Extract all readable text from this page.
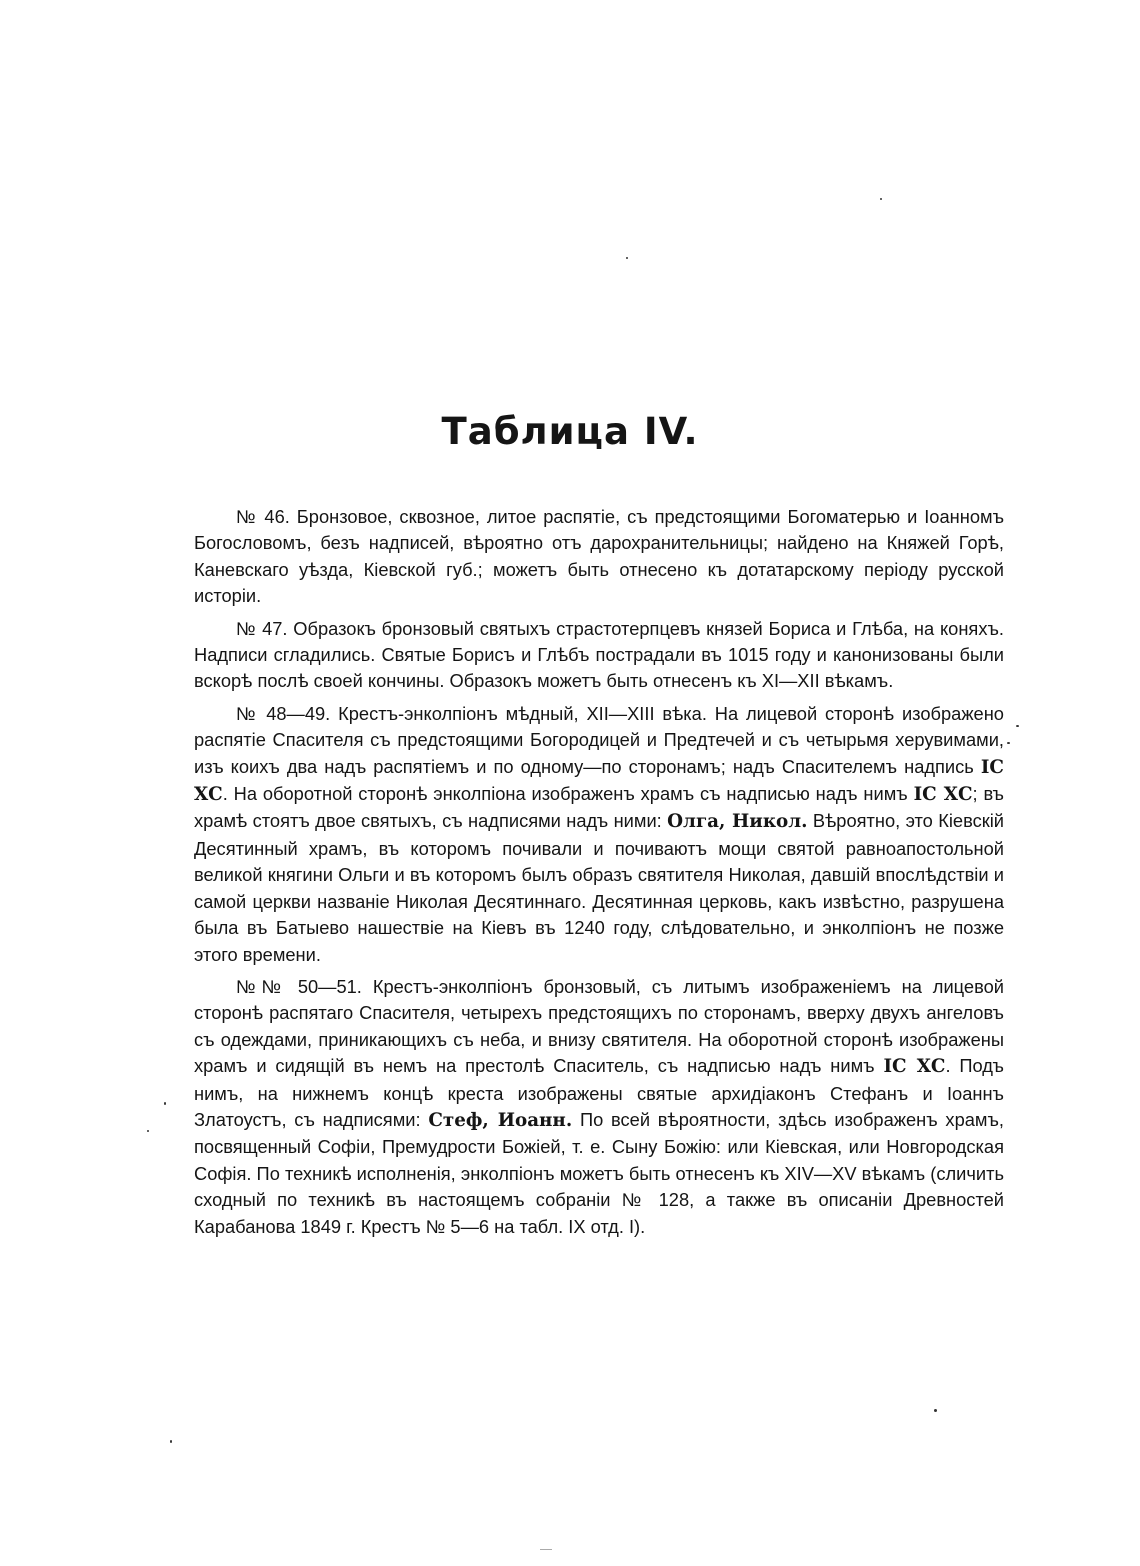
Таблица IV.

№ 46. Бронзовое, сквозное, литое распятіе, съ предстоящими Богоматерью и Іоанномъ Богословомъ, безъ надписей, вѣроятно отъ дарохранительницы; найдено на Княжей Горѣ, Каневскаго уѣзда, Кіевской губ.; можетъ быть отнесено къ дотатарскому періоду русской исторіи.

№ 47. Образокъ бронзовый святыхъ страстотерпцевъ князей Бориса и Глѣба, на коняхъ. Надписи сгладились. Святые Борисъ и Глѣбъ пострадали въ 1015 году и канонизованы были вскорѣ послѣ своей кончины. Образокъ можетъ быть отнесенъ къ XI—XII вѣкамъ.

№ 48—49. Крестъ-энколпіонъ мѣдный, XII—XIII вѣка. На лицевой сторонѣ изображено распятіе Спасителя съ предстоящими Богородицей и Предтечей и съ четырьмя херувимами, изъ коихъ два надъ распятіемъ и по одному—по сторонамъ; надъ Спасителемъ надпись ІС ХС. На оборотной сторонѣ энколпіона изображенъ храмъ съ надписью надъ нимъ ІС ХС; въ храмѣ стоятъ двое святыхъ, съ надписями надъ ними: Олга, Никол. Вѣроятно, это Кіевскій Десятинный храмъ, въ которомъ почивали и почиваютъ мощи святой равноапостольной великой княгини Ольги и въ которомъ былъ образъ святителя Николая, давшій впослѣдствіи и самой церкви названіе Николая Десятиннаго. Десятинная церковь, какъ извѣстно, разрушена была въ Батыево нашествіе на Кіевъ въ 1240 году, слѣдовательно, и энколпіонъ не позже этого времени.

№№ 50—51. Крестъ-энколпіонъ бронзовый, съ литымъ изображеніемъ на лицевой сторонѣ распятаго Спасителя, четырехъ предстоящихъ по сторонамъ, вверху двухъ ангеловъ съ одеждами, приникающихъ съ неба, и внизу святителя. На оборотной сторонѣ изображены храмъ и сидящій въ немъ на престолѣ Спаситель, съ надписью надъ нимъ ІС ХС. Подъ нимъ, на нижнемъ концѣ креста изображены святые архидіаконъ Стефанъ и Іоаннъ Златоустъ, съ надписями: Стеф, Иоанн. По всей вѣроятности, здѣсь изображенъ храмъ, посвященный Софіи, Премудрости Божіей, т. е. Сыну Божію: или Кіевская, или Новгородская Софія. По техникѣ исполненія, энколпіонъ можетъ быть отнесенъ къ XIV—XV вѣкамъ (сличить сходный по техникѣ въ настоящемъ собраніи № 128, а также въ описаніи Древностей Карабанова 1849 г. Крестъ № 5—6 на табл. IX отд. I).
